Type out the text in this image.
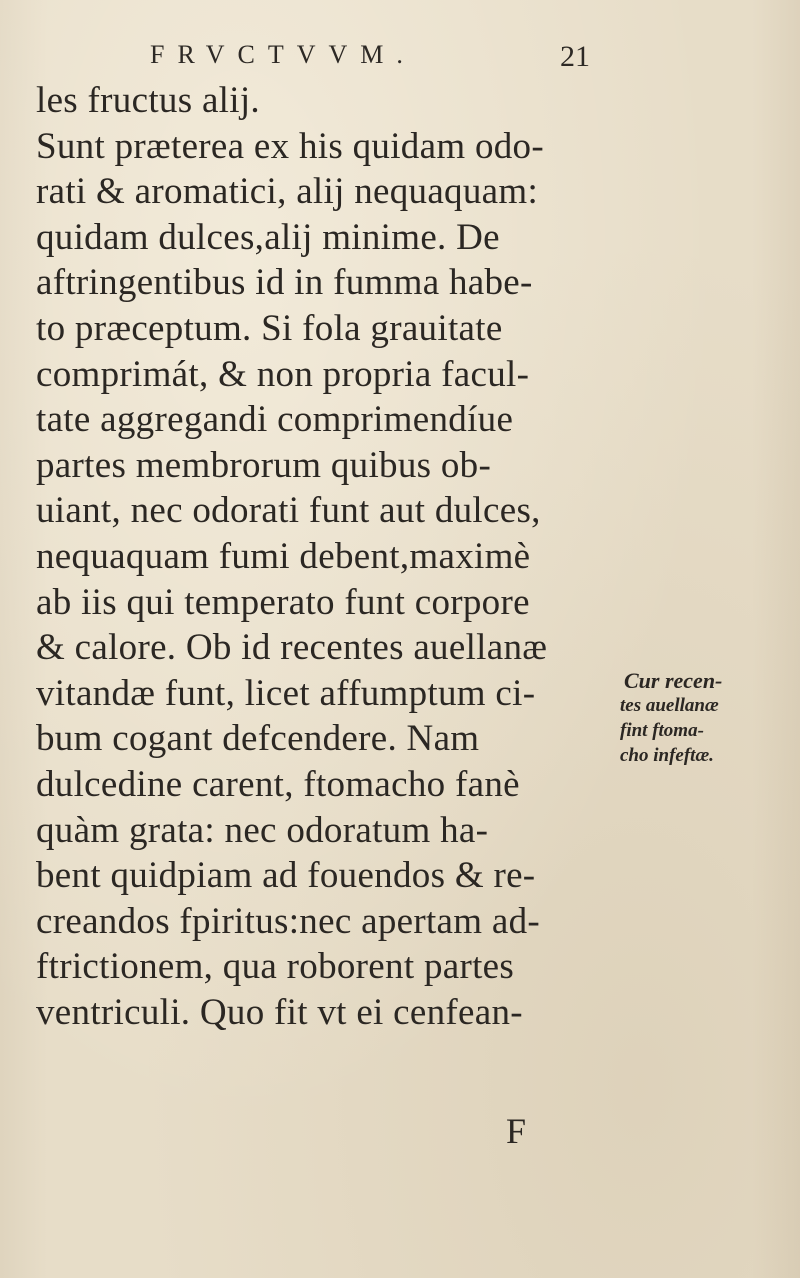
FRVCTVVM.	21
les fructus alij.
Sunt præterea ex his quidam odo-
rati & aromatici, alij nequaquam:
quidam dulces,alij minime. De
aftringentibus id in fumma habe-
to præceptum. Si fola grauitate
comprimát, & non propria facul-
tate aggregandi comprimendíue
partes membrorum quibus ob-
uiant, nec odorati funt aut dulces,
nequaquam fumi debent,maximè
ab iis qui temperato funt corpore
& calore. Ob id recentes auellanæ
vitandæ funt, licet affumptum ci-
bum cogant defcendere. Nam
dulcedine carent, ftomacho fanè
quàm grata: nec odoratum ha-
bent quidpiam ad fouendos & re-
creandos fpiritus:nec apertam ad-
ftrictionem, qua roborent partes
ventriculi. Quo fit vt ei cenfean-
Cur recen-
tes auellanæ
fint ftoma-
cho infeftæ.
F
